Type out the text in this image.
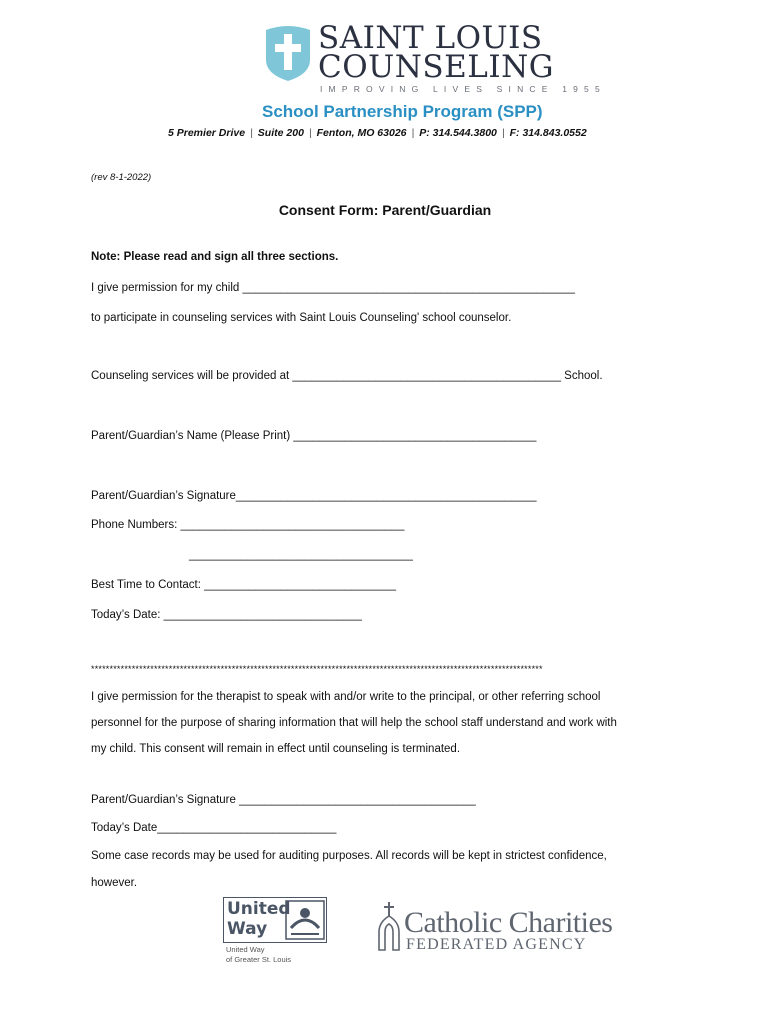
SAINT LOUIS
COUNSELING
IMPROVING LIVES SINCE 1955
School Partnership Program (SPP)
5 Premier Drive | Suite 200 | Fenton, MO 63026 | P: 314.544.3800 | F: 314.843.0552
(rev 8-1-2022)
Consent Form: Parent/Guardian
Note: Please read and sign all three sections.
I give permission for my child ____________________________________________________
to participate in counseling services with Saint Louis Counseling' school counselor.
Counseling services will be provided at __________________________________________ School.
Parent/Guardian’s Name (Please Print) ______________________________________
Parent/Guardian’s Signature_______________________________________________
Phone Numbers: ___________________________________
___________________________________
Best Time to Contact: ______________________________
Today’s Date: _______________________________
**************************************************************************************************************************
I give permission for the therapist to speak with and/or write to the principal, or other referring school
personnel for the purpose of sharing information that will help the school staff understand and work with
my child. This consent will remain in effect until counseling is terminated.
Parent/Guardian’s Signature _____________________________________
Today’s Date____________________________
Some case records may be used for auditing purposes. All records will be kept in strictest confidence,
however.
United
Way
United Way
of Greater St. Louis
Catholic Charities
FEDERATED AGENCY
